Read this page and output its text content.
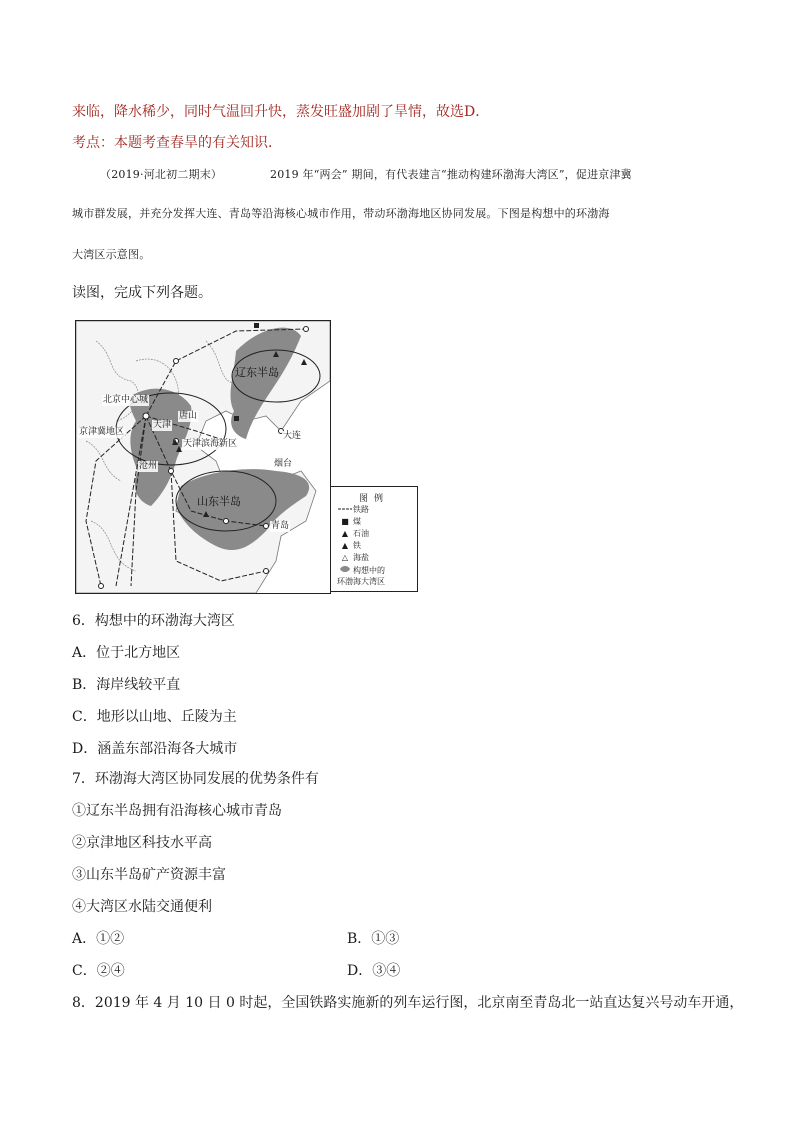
来临，降水稀少，同时气温回升快，蒸发旺盛加剧了旱情，故选D．
考点：本题考查春旱的有关知识．
（2019·河北初二期末）	2019 年“两会” 期间，有代表建言“推动构建环渤海大湾区”，促进京津冀
城市群发展，并充分发挥大连、青岛等沿海核心城市作用，带动环渤海地区协同发展。下图是构想中的环渤海
大湾区示意图。
读图，完成下列各题。
辽东半岛
北京中心城
唐山
京津冀地区
天津
天津滨海新区
沧州
大连
烟台
山东半岛
青岛
图例
铁路
■ 煤
▲ 石油
▲ 铁
△ 海盐
构想中的
环渤海大湾区
6．构想中的环渤海大湾区
A．位于北方地区
B．海岸线较平直
C．地形以山地、丘陵为主
D．涵盖东部沿海各大城市
7．环渤海大湾区协同发展的优势条件有
①辽东半岛拥有沿海核心城市青岛
②京津地区科技水平高
③山东半岛矿产资源丰富
④大湾区水陆交通便利
A．①②	B．①③
C．②④	D．③④
8．2019 年 4 月 10 日 0 时起，全国铁路实施新的列车运行图，北京南至青岛北一站直达复兴号动车开通，
